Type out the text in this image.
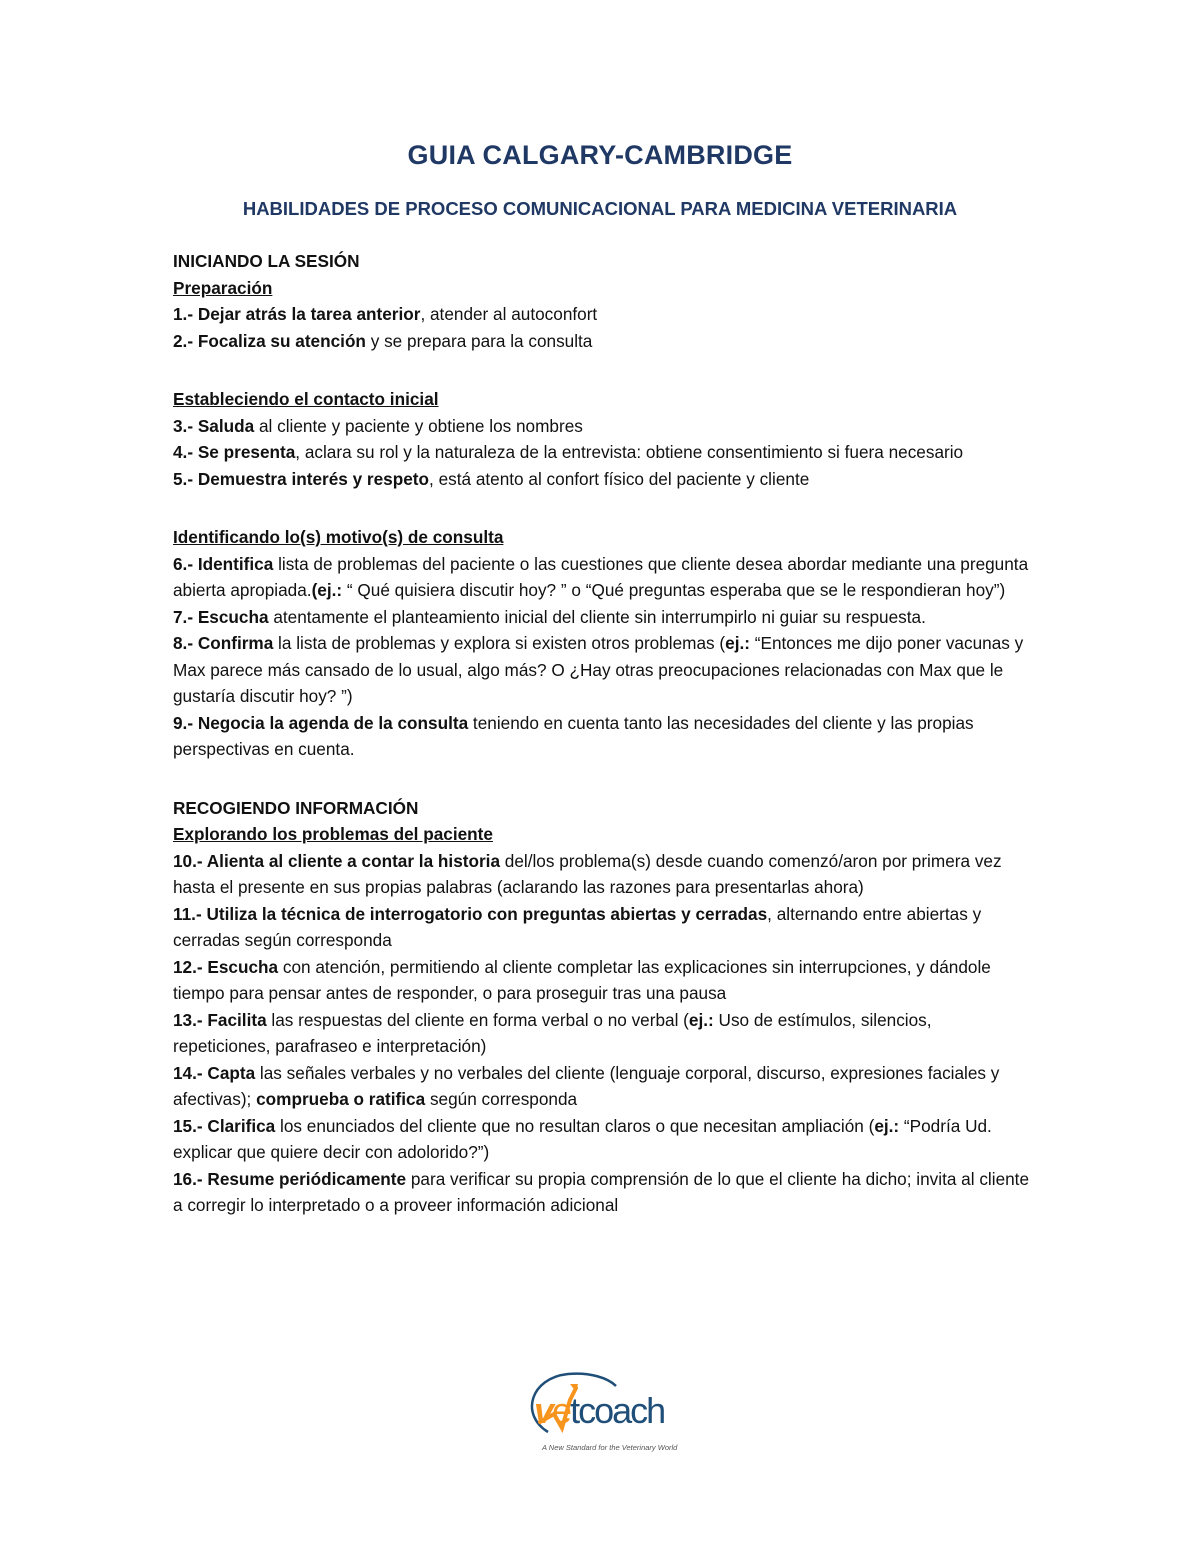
GUIA CALGARY-CAMBRIDGE
HABILIDADES DE PROCESO COMUNICACIONAL PARA MEDICINA VETERINARIA

INICIANDO LA SESIÓN

Preparación

1.- Dejar atrás la tarea anterior, atender al autoconfort

2.- Focaliza su atención y se prepara para la consulta

Estableciendo el contacto inicial

3.- Saluda al cliente y paciente y obtiene los nombres

4.- Se presenta, aclara su rol y la naturaleza de la entrevista: obtiene consentimiento si fuera necesario

5.- Demuestra interés y respeto, está atento al confort físico del paciente y cliente

Identificando lo(s) motivo(s) de consulta

6.- Identifica lista de problemas del paciente o las cuestiones que cliente desea abordar mediante una pregunta abierta apropiada.(ej.: “ Qué quisiera discutir hoy? ” o “Qué preguntas esperaba que se le respondieran hoy”)

7.- Escucha atentamente el planteamiento inicial del cliente sin interrumpirlo ni guiar su respuesta.

8.- Confirma la lista de problemas y explora si existen otros problemas (ej.: “Entonces me dijo poner vacunas y Max parece más cansado de lo usual, algo más? O ¿Hay otras preocupaciones relacionadas con Max que le gustaría discutir hoy? ”)

9.- Negocia la agenda de la consulta teniendo en cuenta tanto las necesidades del cliente y las propias perspectivas en cuenta.

RECOGIENDO INFORMACIÓN

Explorando los problemas del paciente

10.- Alienta al cliente a contar la historia del/los problema(s) desde cuando comenzó/aron por primera vez hasta el presente en sus propias palabras (aclarando las razones para presentarlas ahora)

11.- Utiliza la técnica de interrogatorio con preguntas abiertas y cerradas, alternando entre abiertas y cerradas según corresponda

12.- Escucha con atención, permitiendo al cliente completar las explicaciones sin interrupciones, y dándole tiempo para pensar antes de responder, o para proseguir tras una pausa

13.- Facilita las respuestas del cliente en forma verbal o no verbal (ej.: Uso de estímulos, silencios, repeticiones, parafraseo e interpretación)

14.- Capta las señales verbales y no verbales del cliente (lenguaje corporal, discurso, expresiones faciales y afectivas); comprueba o ratifica según corresponda

15.- Clarifica los enunciados del cliente que no resultan claros o que necesitan ampliación (ej.: “Podría Ud. explicar que quiere decir con adolorido?”)

16.- Resume periódicamente para verificar su propia comprensión de lo que el cliente ha dicho; invita al cliente a corregir lo interpretado o a proveer información adicional

vetcoach
A New Standard for the Veterinary World
